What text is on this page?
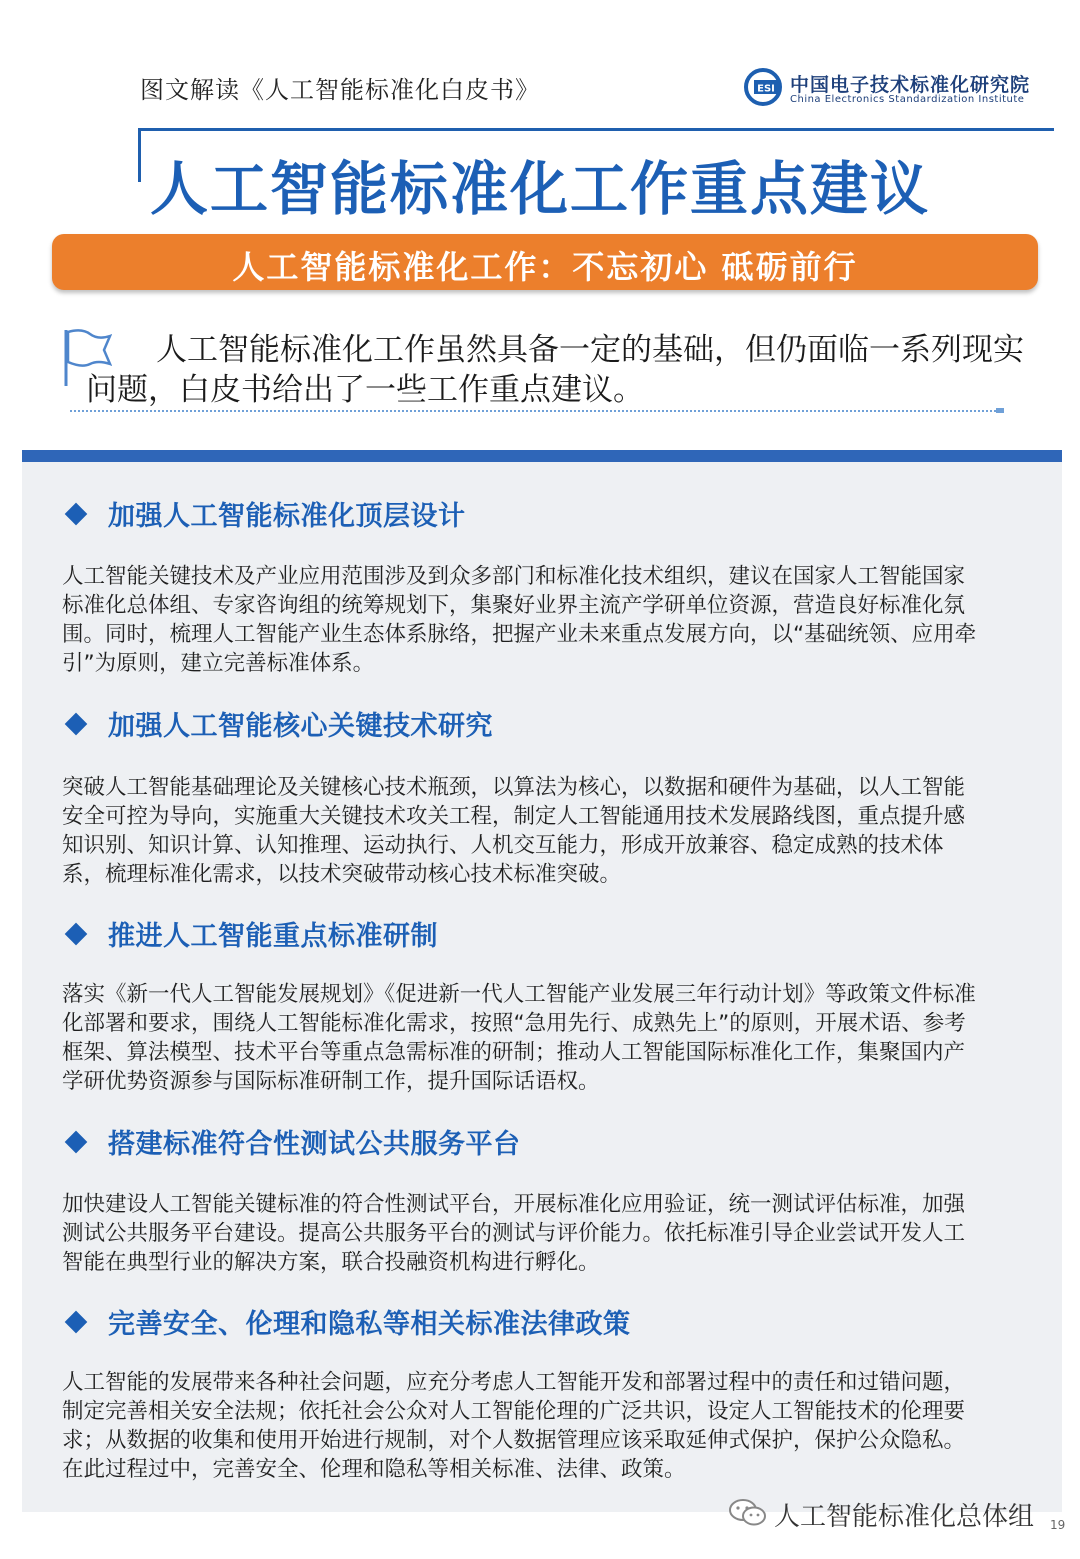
图文解读《人工智能标准化白皮书》	ESI 中国电子技术标准化研究院
China Electronics Standardization Institute
人工智能标准化工作重点建议
人工智能标准化工作：不忘初心 砥砺前行
人工智能标准化工作虽然具备一定的基础，但仍面临一系列现实问题，白皮书给出了一些工作重点建议。
加强人工智能标准化顶层设计
人工智能关键技术及产业应用范围涉及到众多部门和标准化技术组织，建议在国家人工智能国家标准化总体组、专家咨询组的统筹规划下，集聚好业界主流产学研单位资源，营造良好标准化氛围。同时，梳理人工智能产业生态体系脉络，把握产业未来重点发展方向，以“基础统领、应用牵引”为原则，建立完善标准体系。
加强人工智能核心关键技术研究
突破人工智能基础理论及关键核心技术瓶颈，以算法为核心，以数据和硬件为基础，以人工智能安全可控为导向，实施重大关键技术攻关工程，制定人工智能通用技术发展路线图，重点提升感知识别、知识计算、认知推理、运动执行、人机交互能力，形成开放兼容、稳定成熟的技术体系，梳理标准化需求，以技术突破带动核心技术标准突破。
推进人工智能重点标准研制
落实《新一代人工智能发展规划》《促进新一代人工智能产业发展三年行动计划》等政策文件标准化部署和要求，围绕人工智能标准化需求，按照“急用先行、成熟先上”的原则，开展术语、参考框架、算法模型、技术平台等重点急需标准的研制；推动人工智能国际标准化工作，集聚国内产学研优势资源参与国际标准研制工作，提升国际话语权。
搭建标准符合性测试公共服务平台
加快建设人工智能关键标准的符合性测试平台，开展标准化应用验证，统一测试评估标准，加强测试公共服务平台建设。提高公共服务平台的测试与评价能力。依托标准引导企业尝试开发人工智能在典型行业的解决方案，联合投融资机构进行孵化。
完善安全、伦理和隐私等相关标准法律政策
人工智能的发展带来各种社会问题，应充分考虑人工智能开发和部署过程中的责任和过错问题，制定完善相关安全法规；依托社会公众对人工智能伦理的广泛共识，设定人工智能技术的伦理要求；从数据的收集和使用开始进行规制，对个人数据管理应该采取延伸式保护，保护公众隐私。在此过程过中，完善安全、伦理和隐私等相关标准、法律、政策。
人工智能标准化总体组 19
